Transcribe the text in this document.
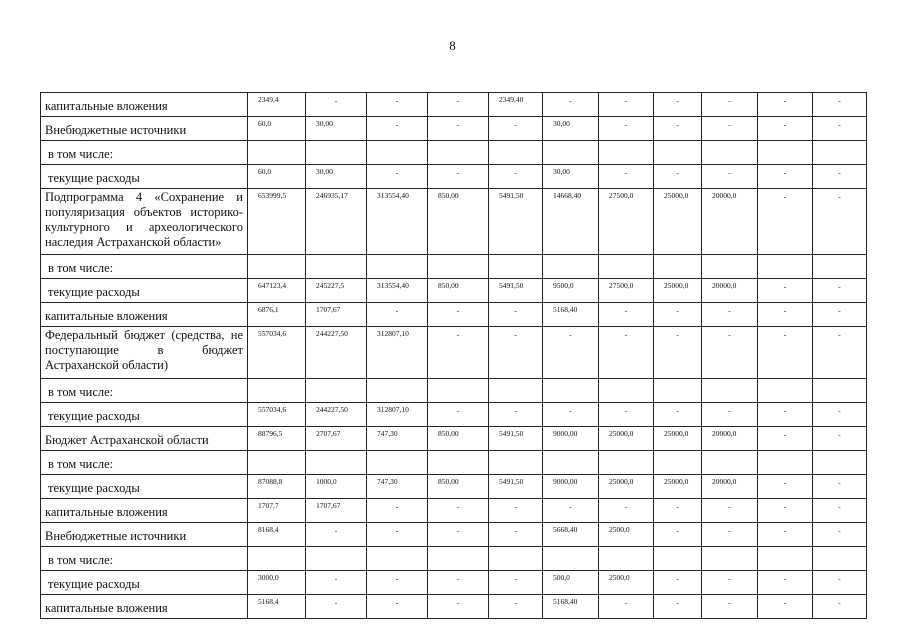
8
капитальные вложения	2349,4	-	-	-	2349,40	-	-	-	-	-	-
Внебюджетные источники	60,0	30,00	-	-	-	30,00	-	-	-	-	-
в том числе:											
текущие расходы	60,0	30,00	-	-	-	30,00	-	-	-	-	-
Подпрограмма 4 «Сохранение и популяризация объектов историко-культурного и археологического наследия Астраханской области»	653999,5	246935,17	313554,40	850,00	5491,50	14668,40	27500,0	25000,0	20000,0	-	-
в том числе:											
текущие расходы	647123,4	245227,5	313554,40	850,00	5491,50	9500,0	27500,0	25000,0	20000,0	-	-
капитальные вложения	6876,1	1707,67	-	-	-	5168,40	-	-	-	-	-
Федеральный бюджет (средства, не поступающие в бюджет Астраханской области)	557034,6	244227,50	312807,10	-	-	-	-	-	-	-	-
в том числе:											
текущие расходы	557034,6	244227,50	312807,10	-	-	-	-	-	-	-	-
Бюджет Астраханской области	88796,5	2707,67	747,30	850,00	5491,50	9000,00	25000,0	25000,0	20000,0	-	-
в том числе:											
текущие расходы	87088,8	1000,0	747,30	850,00	5491,50	9000,00	25000,0	25000,0	20000,0	-	-
капитальные вложения	1707,7	1707,67	-	-	-	-	-	-	-	-	-
Внебюджетные источники	8168,4	-	-	-	-	5668,40	2500,0	-	-	-	-
в том числе:											
текущие расходы	3000,0	-	-	-	-	500,0	2500,0	-	-	-	-
капитальные вложения	5168,4	-	-	-	-	5168,40	-	-	-	-	-
